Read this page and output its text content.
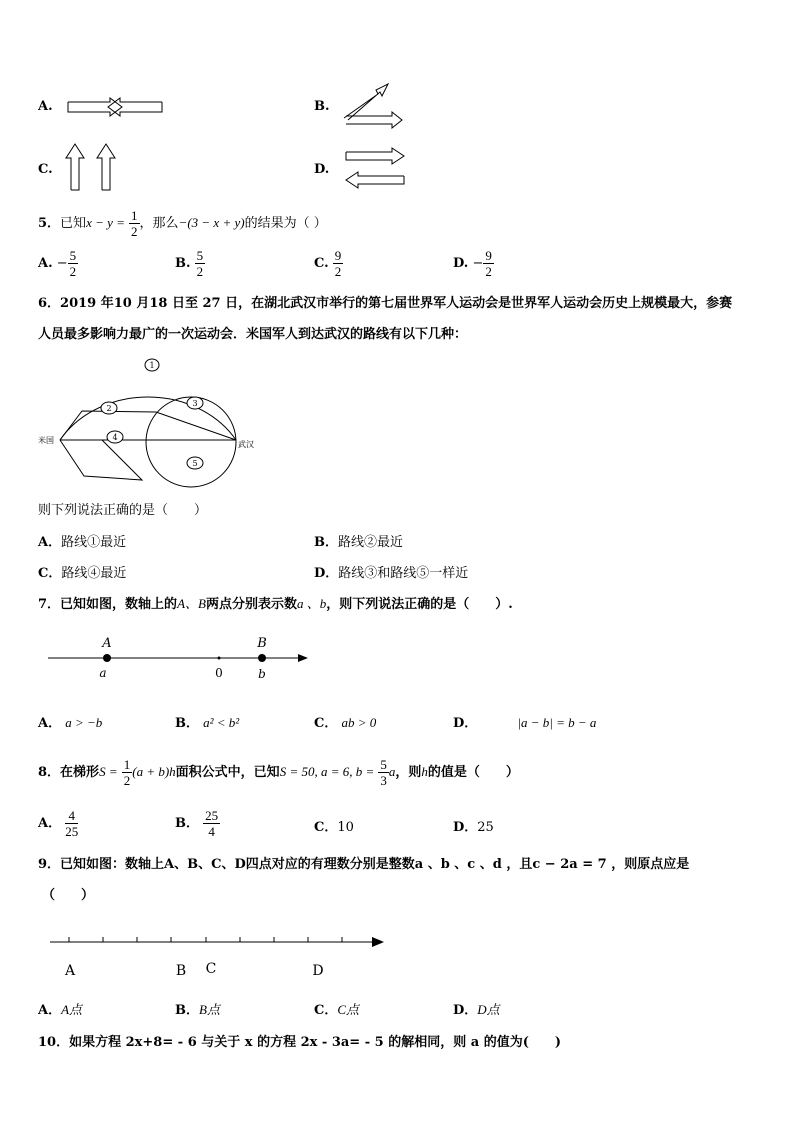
A.	B.
C.	D.
5．已知$x - y = \frac{1}{2}$ ，那么−(3 − x + y)的结果为（ ）
A. − $\frac{5}{2}$	B. $\frac{5}{2}$	C. $\frac{9}{2}$	D. − $\frac{9}{2}$
6．2019 年10 月18 日至 27 日，在湖北武汉市举行的第七届世界军人运动会是世界军人运动会历史上规模最大，参赛
人员最多影响力最广的一次运动会．米国军人到达武汉的路线有以下几种：
1
2
3
4
5
米国	武汉
则下列说法正确的是（　　）
A．路线①最近	B．路线②最近
C．路线④最近	D．路线③和路线⑤一样近
7．已知如图，数轴上的A、B两点分别表示数a 、b，则下列说法正确的是（　　）.
A	B
a	0	b
A． a > −b	B． a² < b²	C． ab > 0	D．	|a − b| = b − a
8．在梯形$S = \frac{1}{2} (a + b)h$面积公式中，已知S = 50, a = 6, $b = \frac{5}{3}$ a，则h的值是（　　）
A． $\frac{4}{25}$	B． $\frac{25}{4}$	C．10	D．25
9．已知如图：数轴上A、B、C、D四点对应的有理数分别是整数a 、b 、c 、d ，且c − 2a = 7 ，则原点应是
（　　）
A	B C	D
A．A点	B．B点	C．C点	D．D点
10．如果方程 2x+8= - 6 与关于 x 的方程 2x - 3a= - 5 的解相同，则 a 的值为(　　)
